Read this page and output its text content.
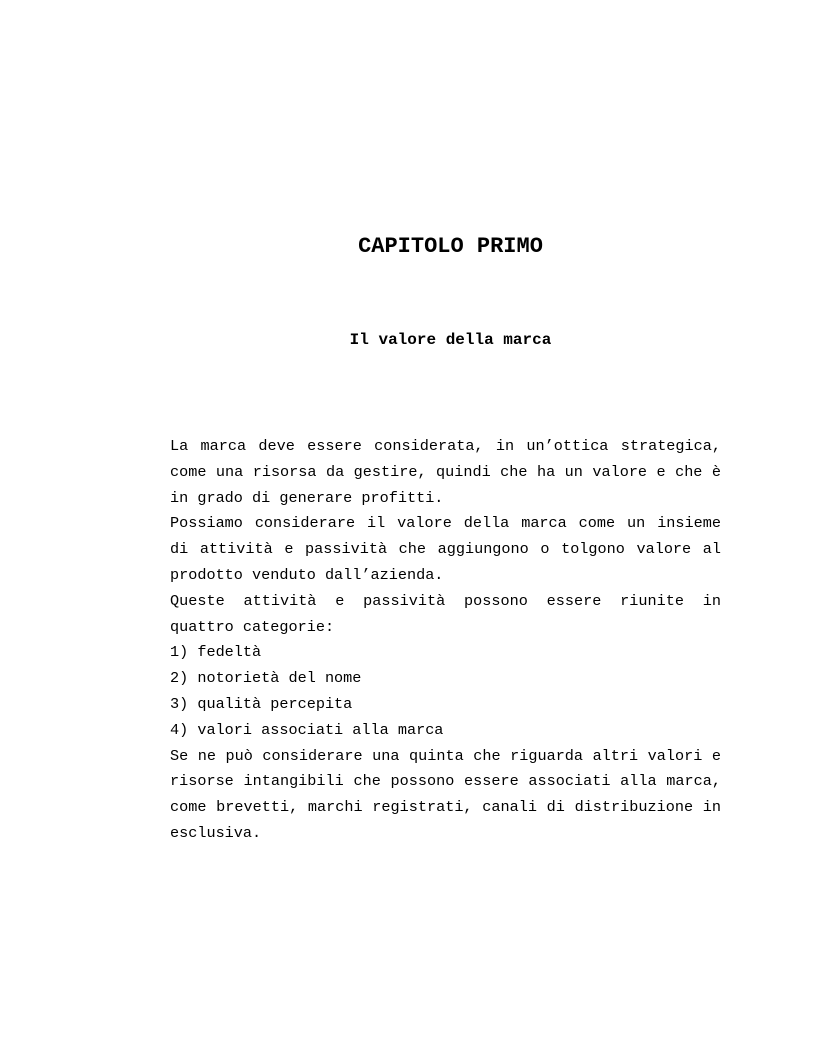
CAPITOLO PRIMO
Il valore della marca

La marca deve essere considerata, in un’ottica strategica, come una risorsa da gestire, quindi che ha un valore e che è in grado di generare profitti.

Possiamo considerare il valore della marca come un insieme di attività e passività che aggiungono o tolgono valore al prodotto venduto dall’azienda.

Queste attività e passività possono essere riunite in quattro categorie:

1) fedeltà

2) notorietà del nome

3) qualità percepita

4) valori associati alla marca

Se ne può considerare una quinta che riguarda altri valori e risorse intangibili che possono essere associati alla marca, come brevetti, marchi registrati, canali di distribuzione in esclusiva.
